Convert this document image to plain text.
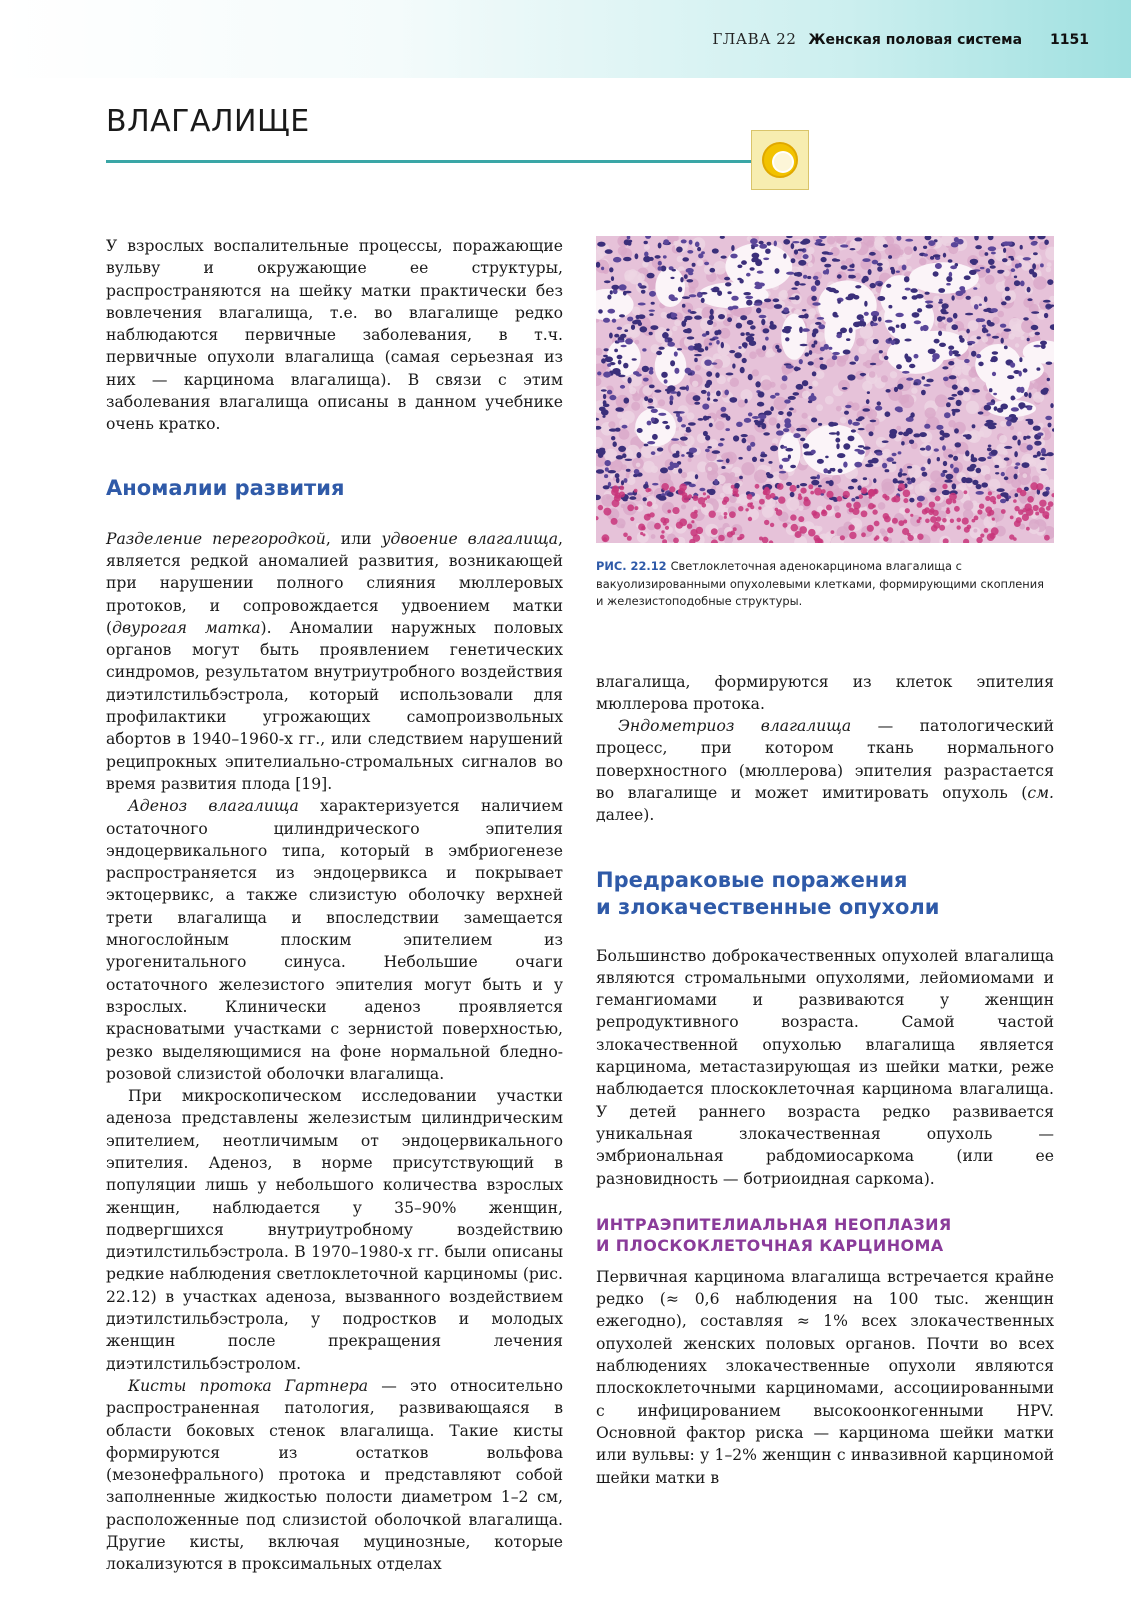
ГЛАВА 22 Женская половая система 1151
ВЛАГАЛИЩЕ

У взрослых воспалительные процессы, поражающие вульву и окружающие ее структуры, распространяются на шейку матки практически без вовлечения влагалища, т.е. во влагалище редко наблюдаются первичные заболевания, в т.ч. первичные опухоли влагалища (самая серьезная из них — карцинома влагалища). В связи с этим заболевания влагалища описаны в данном учебнике очень кратко.

Аномалии развития

Разделение перегородкой, или удвоение влагалища, является редкой аномалией развития, возникающей при нарушении полного слияния мюллеровых протоков, и сопровождается удвоением матки (двурогая матка). Аномалии наружных половых органов могут быть проявлением генетических синдромов, результатом внутриутробного воздействия диэтилстильбэстрола, который использовали для профилактики угрожающих самопроизвольных абортов в 1940–1960-х гг., или следствием нарушений реципрокных эпителиально-стромальных сигналов во время развития плода [19].

Аденоз влагалища характеризуется наличием остаточного цилиндрического эпителия эндоцервикального типа, который в эмбриогенезе распространяется из эндоцервикса и покрывает эктоцервикс, а также слизистую оболочку верхней трети влагалища и впоследствии замещается многослойным плоским эпителием из урогенитального синуса. Небольшие очаги остаточного железистого эпителия могут быть и у взрослых. Клинически аденоз проявляется красноватыми участками с зернистой поверхностью, резко выделяющимися на фоне нормальной бледно-розовой слизистой оболочки влагалища.

При микроскопическом исследовании участки аденоза представлены железистым цилиндрическим эпителием, неотличимым от эндоцервикального эпителия. Аденоз, в норме присутствующий в популяции лишь у небольшого количества взрослых женщин, наблюдается у 35–90% женщин, подвергшихся внутриутробному воздействию диэтилстильбэстрола. В 1970–1980-х гг. были описаны редкие наблюдения светлоклеточной карциномы (рис. 22.12) в участках аденоза, вызванного воздействием диэтилстильбэстрола, у подростков и молодых женщин после прекращения лечения диэтилстильбэстролом.

Кисты протока Гартнера — это относительно распространенная патология, развивающаяся в области боковых стенок влагалища. Такие кисты формируются из остатков вольфова (мезонефрального) протока и представляют собой заполненные жидкостью полости диаметром 1–2 см, расположенные под слизистой оболочкой влагалища. Другие кисты, включая муцинозные, которые локализуются в проксимальных отделах

РИС. 22.12 Светлоклеточная аденокарцинома влагалища с вакуолизированными опухолевыми клетками, формирующими скопления и железистоподобные структуры.

влагалища, формируются из клеток эпителия мюллерова протока.

Эндометриоз влагалища — патологический процесс, при котором ткань нормального поверхностного (мюллерова) эпителия разрастается во влагалище и может имитировать опухоль (см. далее).

Предраковые поражения
и злокачественные опухоли

Большинство доброкачественных опухолей влагалища являются стромальными опухолями, лейомиомами и гемангиомами и развиваются у женщин репродуктивного возраста. Самой частой злокачественной опухолью влагалища является карцинома, метастазирующая из шейки матки, реже наблюдается плоскоклеточная карцинома влагалища. У детей раннего возраста редко развивается уникальная злокачественная опухоль — эмбриональная рабдомиосаркома (или ее разновидность — ботриоидная саркома).

ИНТРАЭПИТЕЛИАЛЬНАЯ НЕОПЛАЗИЯ
И ПЛОСКОКЛЕТОЧНАЯ КАРЦИНОМА

Первичная карцинома влагалища встречается крайне редко (≈ 0,6 наблюдения на 100 тыс. женщин ежегодно), составляя ≈ 1% всех злокачественных опухолей женских половых органов. Почти во всех наблюдениях злокачественные опухоли являются плоскоклеточными карциномами, ассоциированными с инфицированием высокоонкогенными HPV. Основной фактор риска — карцинома шейки матки или вульвы: у 1–2% женщин с инвазивной карциномой шейки матки в
